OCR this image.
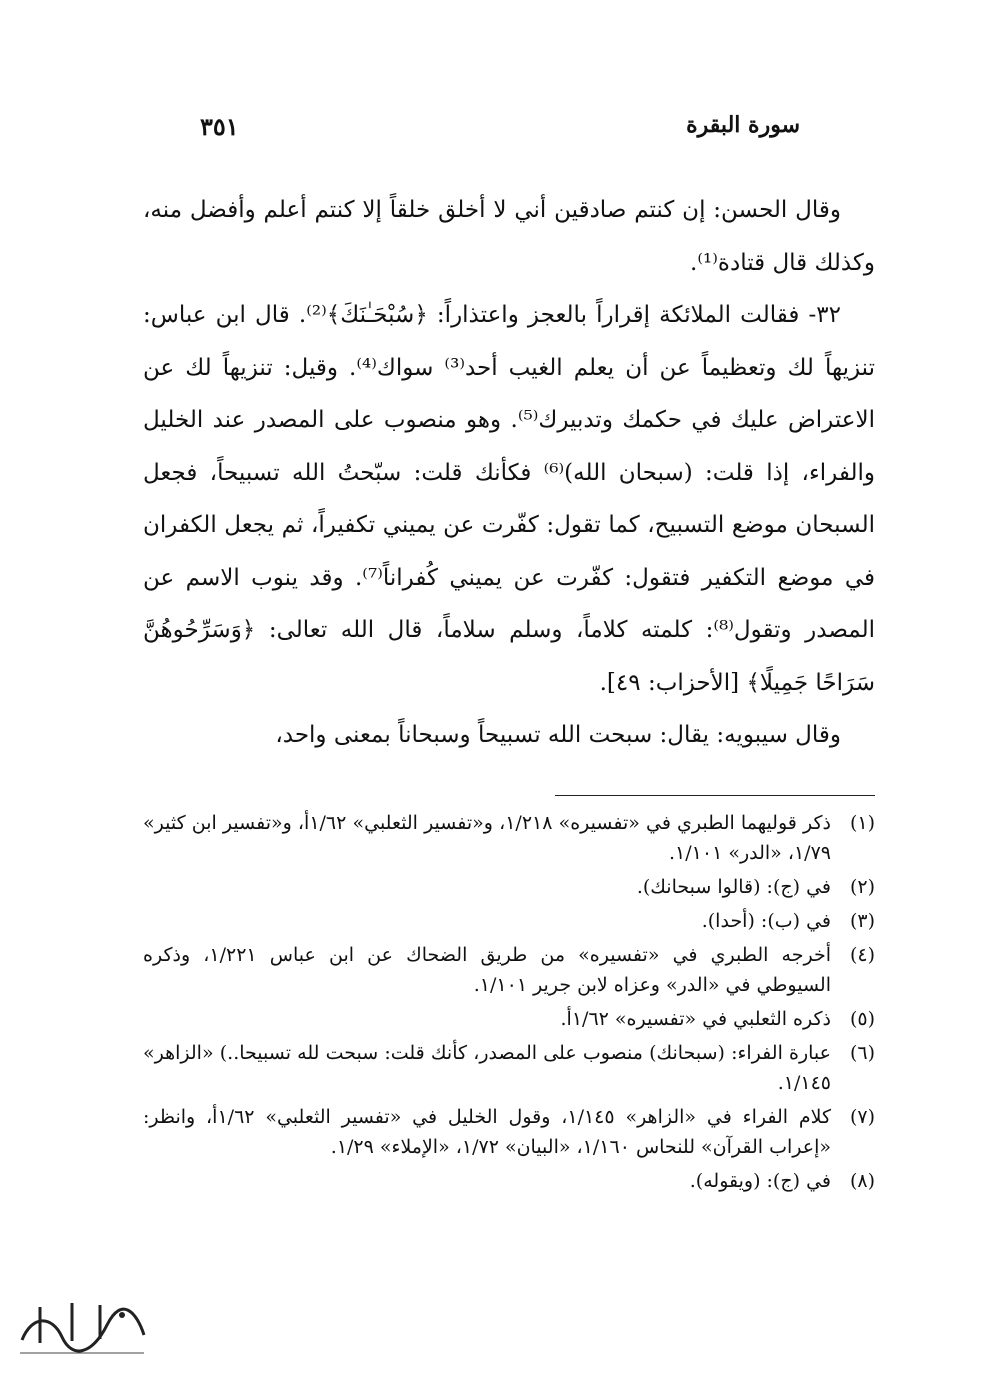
سورة البقرة
٣٥١

وقال الحسن: إن كنتم صادقين أني لا أخلق خلقاً إلا كنتم أعلم وأفضل منه، وكذلك قال قتادة⁽¹⁾.

٣٢- فقالت الملائكة إقراراً بالعجز واعتذاراً: ﴿سُبْحَـٰنَكَ﴾⁽²⁾. قال ابن عباس: تنزيهاً لك وتعظيماً عن أن يعلم الغيب أحد⁽³⁾ سواك⁽⁴⁾. وقيل: تنزيهاً لك عن الاعتراض عليك في حكمك وتدبيرك⁽⁵⁾. وهو منصوب على المصدر عند الخليل والفراء، إذا قلت: (سبحان الله)⁽⁶⁾ فكأنك قلت: سبّحتُ الله تسبيحاً، فجعل السبحان موضع التسبيح، كما تقول: كفّرت عن يميني تكفيراً، ثم يجعل الكفران في موضع التكفير فتقول: كفّرت عن يميني كُفراناً⁽⁷⁾. وقد ينوب الاسم عن المصدر وتقول⁽⁸⁾: كلمته كلاماً، وسلم سلاماً، قال الله تعالى: ﴿وَسَرِّحُوهُنَّ سَرَاحًا جَمِيلًا﴾ [الأحزاب: ٤٩].

وقال سيبويه: يقال: سبحت الله تسبيحاً وسبحاناً بمعنى واحد،

(١)
ذكر قوليهما الطبري في «تفسيره» ١/٢١٨، و«تفسير الثعلبي» ١/٦٢أ، و«تفسير ابن كثير» ١/٧٩، «الدر» ١/١٠١.
(٢)
في (ج): (قالوا سبحانك).
(٣)
في (ب): (أحدا).
(٤)
أخرجه الطبري في «تفسيره» من طريق الضحاك عن ابن عباس ١/٢٢١، وذكره السيوطي في «الدر» وعزاه لابن جرير ١/١٠١.
(٥)
ذكره الثعلبي في «تفسيره» ١/٦٢أ.
(٦)
عبارة الفراء: (سبحانك) منصوب على المصدر، كأنك قلت: سبحت لله تسبيحا..) «الزاهر» ١/١٤٥.
(٧)
كلام الفراء في «الزاهر» ١/١٤٥، وقول الخليل في «تفسير الثعلبي» ١/٦٢أ، وانظر: «إعراب القرآن» للنحاس ١/١٦٠، «البيان» ١/٧٢، «الإملاء» ١/٢٩.
(٨)
في (ج): (ويقوله).
